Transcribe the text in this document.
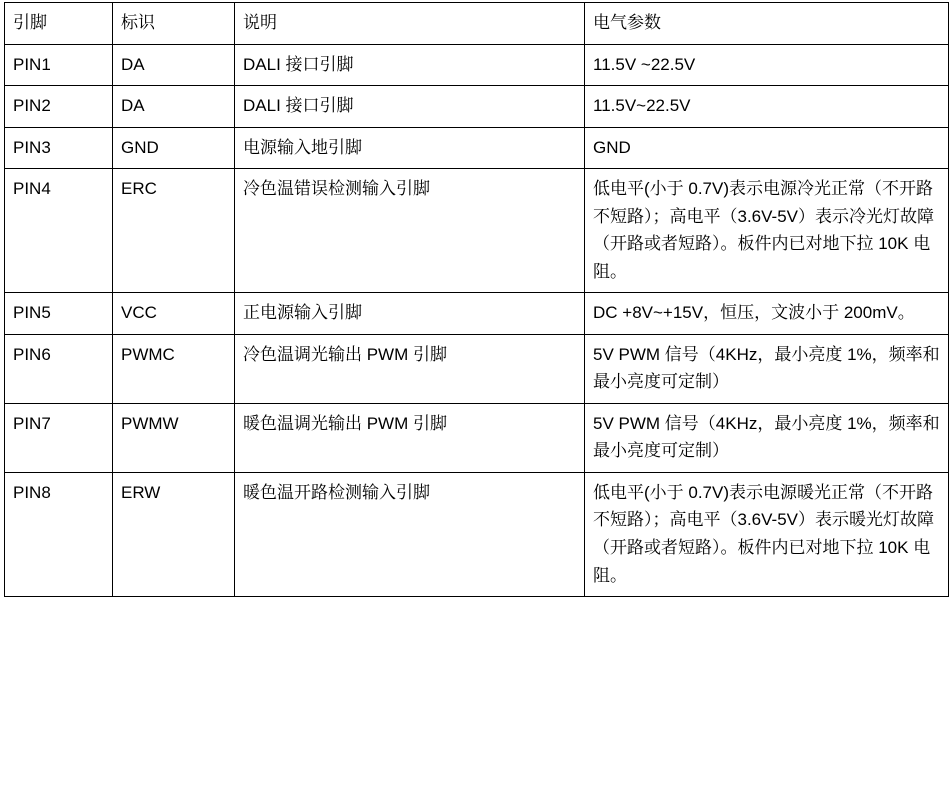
引脚	标识	说明	电气参数

PIN1	DA	DALI 接口引脚	11.5V ~22.5V

PIN2	DA	DALI 接口引脚	11.5V~22.5V

PIN3	GND	电源输入地引脚	GND

PIN4	ERC	冷色温错误检测输入引脚	低电平(小于 0.7V)表示电源冷光正常（不开路不短路）；高电平（3.6V-5V）表示冷光灯故障（开路或者短路）。板件内已对地下拉 10K 电阻。

PIN5	VCC	正电源输入引脚	DC +8V~+15V，恒压，文波小于 200mV。

PIN6	PWMC	冷色温调光输出 PWM 引脚	5V PWM 信号（4KHz，最小亮度 1%，频率和最小亮度可定制）

PIN7	PWMW	暖色温调光输出 PWM 引脚	5V PWM 信号（4KHz，最小亮度 1%，频率和最小亮度可定制）

PIN8	ERW	暖色温开路检测输入引脚	低电平(小于 0.7V)表示电源暖光正常（不开路不短路）；高电平（3.6V-5V）表示暖光灯故障（开路或者短路）。板件内已对地下拉 10K 电阻。
